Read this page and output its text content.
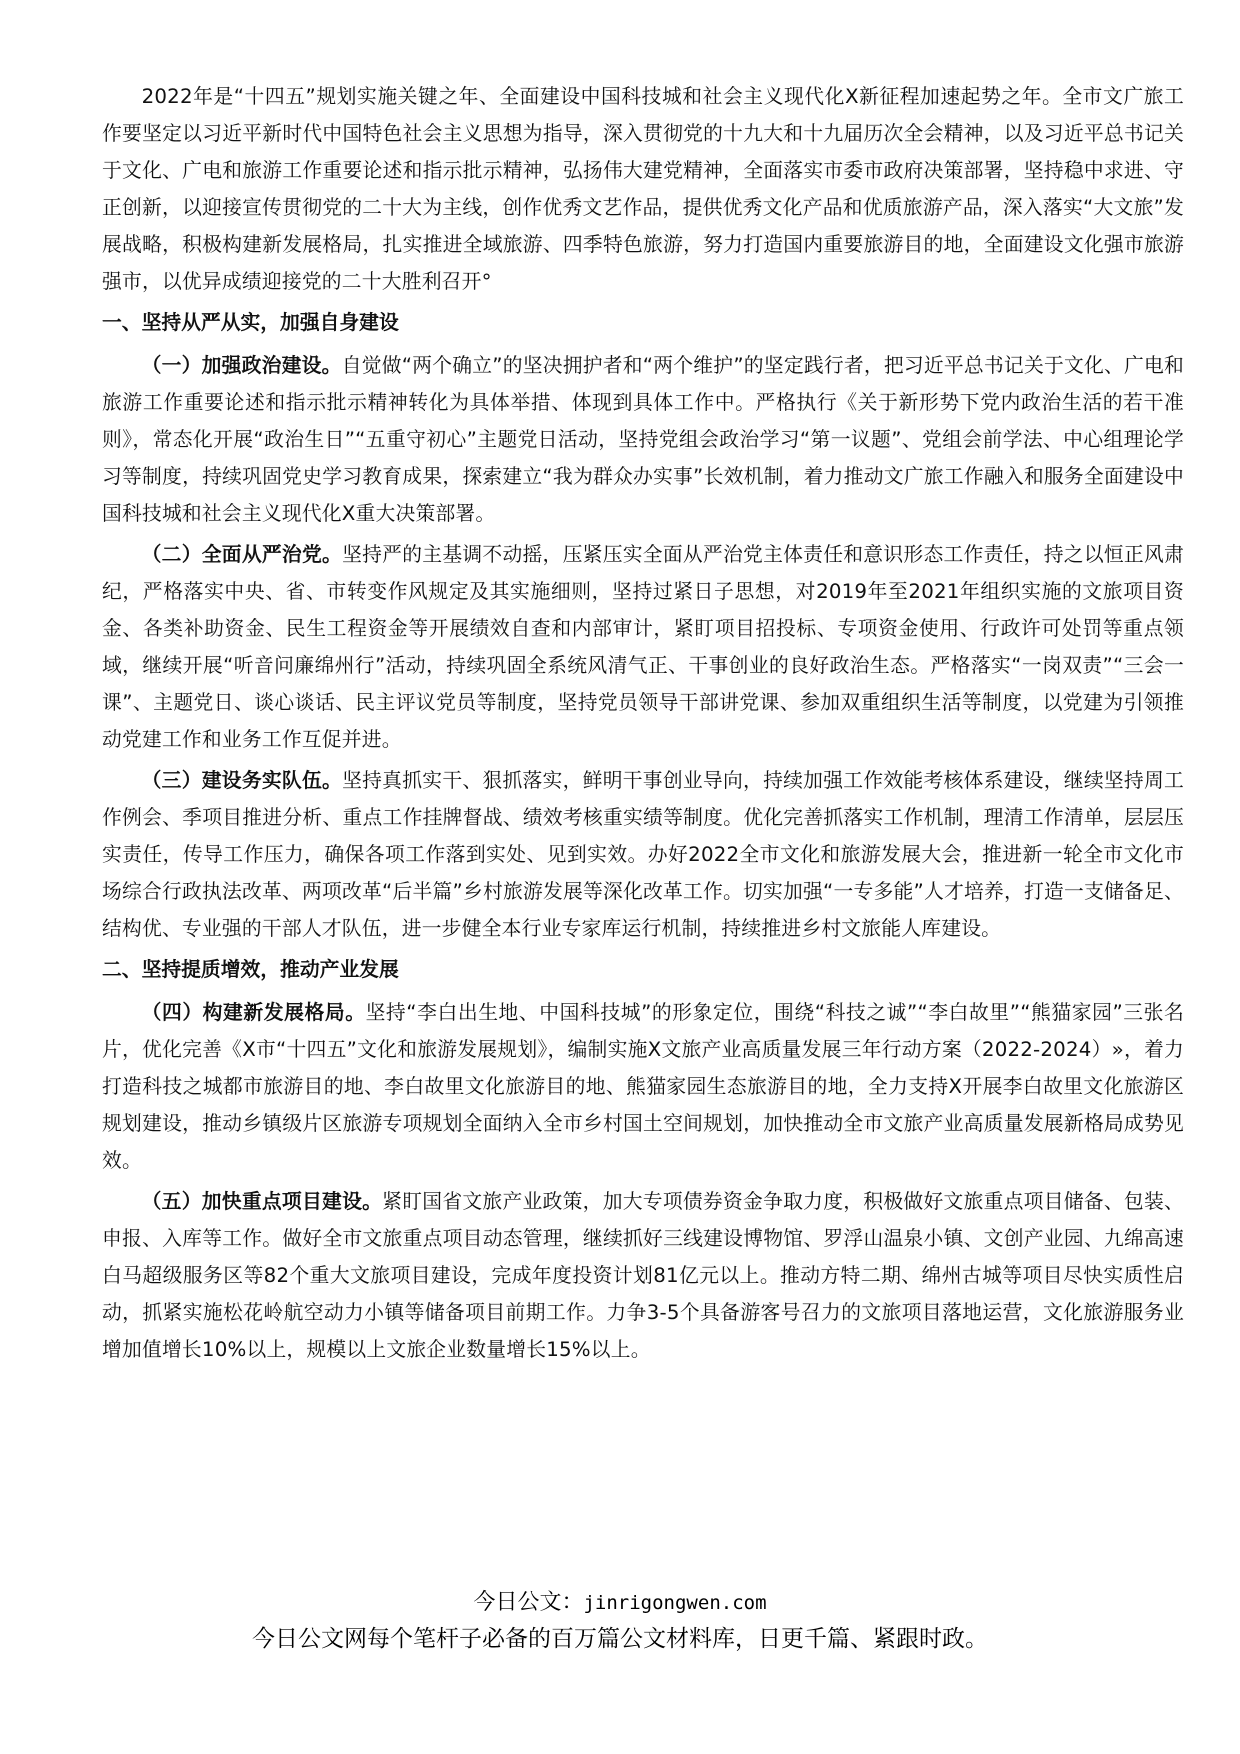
2022年是“十四五”规划实施关键之年、全面建设中国科技城和社会主义现代化X新征程加速起势之年。全市文广旅工作要坚定以习近平新时代中国特色社会主义思想为指导，深入贯彻党的十九大和十九届历次全会精神，以及习近平总书记关于文化、广电和旅游工作重要论述和指示批示精神，弘扬伟大建党精神，全面落实市委市政府决策部署，坚持稳中求进、守正创新，以迎接宣传贯彻党的二十大为主线，创作优秀文艺作品，提供优秀文化产品和优质旅游产品，深入落实“大文旅”发展战略，积极构建新发展格局，扎实推进全域旅游、四季特色旅游，努力打造国内重要旅游目的地，全面建设文化强市旅游强市，以优异成绩迎接党的二十大胜利召开°

一、坚持从严从实，加强自身建设

（一）加强政治建设。自觉做“两个确立”的坚决拥护者和“两个维护”的坚定践行者，把习近平总书记关于文化、广电和旅游工作重要论述和指示批示精神转化为具体举措、体现到具体工作中。严格执行《关于新形势下党内政治生活的若干准则》，常态化开展“政治生日”“五重守初心”主题党日活动，坚持党组会政治学习“第一议题”、党组会前学法、中心组理论学习等制度，持续巩固党史学习教育成果，探索建立“我为群众办实事”长效机制，着力推动文广旅工作融入和服务全面建设中国科技城和社会主义现代化X重大决策部署。

（二）全面从严治党。坚持严的主基调不动摇，压紧压实全面从严治党主体责任和意识形态工作责任，持之以恒正风肃纪，严格落实中央、省、市转变作风规定及其实施细则，坚持过紧日子思想，对2019年至2021年组织实施的文旅项目资金、各类补助资金、民生工程资金等开展绩效自查和内部审计，紧盯项目招投标、专项资金使用、行政许可处罚等重点领域，继续开展“听音问廉绵州行”活动，持续巩固全系统风清气正、干事创业的良好政治生态。严格落实“一岗双责”“三会一课”、主题党日、谈心谈话、民主评议党员等制度，坚持党员领导干部讲党课、参加双重组织生活等制度，以党建为引领推动党建工作和业务工作互促并进。

（三）建设务实队伍。坚持真抓实干、狠抓落实，鲜明干事创业导向，持续加强工作效能考核体系建设，继续坚持周工作例会、季项目推进分析、重点工作挂牌督战、绩效考核重实绩等制度。优化完善抓落实工作机制，理清工作清单，层层压实责任，传导工作压力，确保各项工作落到实处、见到实效。办好2022全市文化和旅游发展大会，推进新一轮全市文化市场综合行政执法改革、两项改革“后半篇”乡村旅游发展等深化改革工作。切实加强“一专多能”人才培养，打造一支储备足、结构优、专业强的干部人才队伍，进一步健全本行业专家库运行机制，持续推进乡村文旅能人库建设。

二、坚持提质增效，推动产业发展

（四）构建新发展格局。坚持“李白出生地、中国科技城”的形象定位，围绕“科技之诚”“李白故里”“熊猫家园”三张名片，优化完善《X市“十四五”文化和旅游发展规划》，编制实施X文旅产业高质量发展三年行动方案（2022-2024）»，着力打造科技之城都市旅游目的地、李白故里文化旅游目的地、熊猫家园生态旅游目的地，全力支持X开展李白故里文化旅游区规划建设，推动乡镇级片区旅游专项规划全面纳入全市乡村国土空间规划，加快推动全市文旅产业高质量发展新格局成势见效。

（五）加快重点项目建设。紧盯国省文旅产业政策，加大专项债券资金争取力度，积极做好文旅重点项目储备、包装、申报、入库等工作。做好全市文旅重点项目动态管理，继续抓好三线建设博物馆、罗浮山温泉小镇、文创产业园、九绵高速白马超级服务区等82个重大文旅项目建设，完成年度投资计划81亿元以上。推动方特二期、绵州古城等项目尽快实质性启动，抓紧实施松花岭航空动力小镇等储备项目前期工作。力争3-5个具备游客号召力的文旅项目落地运营，文化旅游服务业增加值增长10%以上，规模以上文旅企业数量增长15%以上。

今日公文：jinrigongwen.com
今日公文网每个笔杆子必备的百万篇公文材料库，日更千篇、紧跟时政。
